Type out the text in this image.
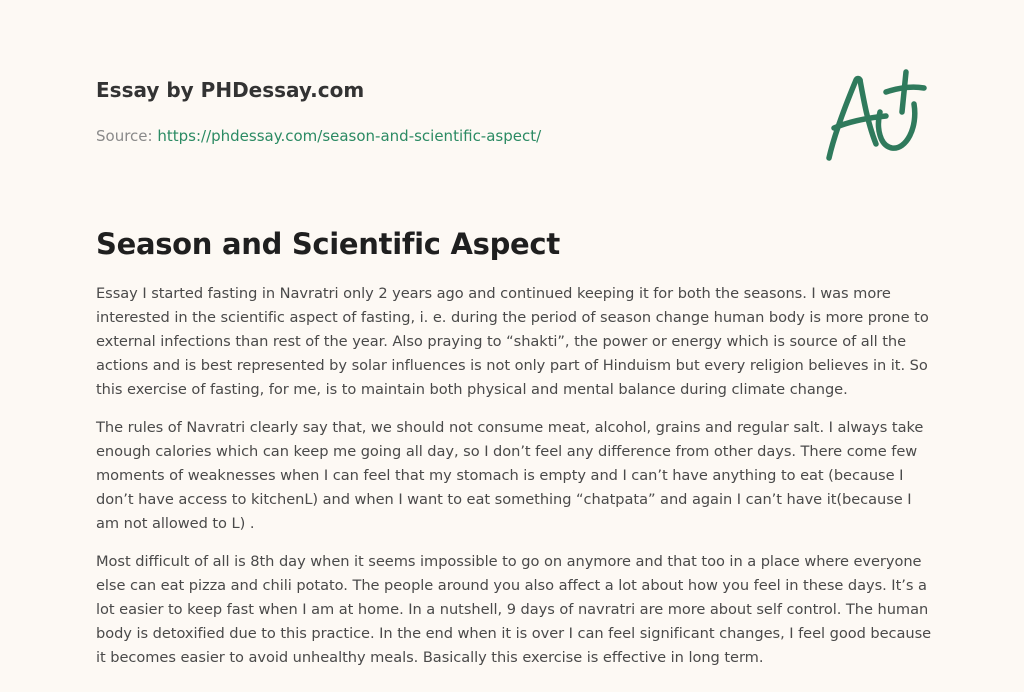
Essay by PHDessay.com
Source: https://phdessay.com/season-and-scientific-aspect/
Season and Scientific Aspect

Essay I started fasting in Navratri only 2 years ago and continued keeping it for both the seasons. I was more interested in the scientific aspect of fasting, i. e. during the period of season change human body is more prone to external infections than rest of the year. Also praying to “shakti”, the power or energy which is source of all the actions and is best represented by solar influences is not only part of Hinduism but every religion believes in it. So this exercise of fasting, for me, is to maintain both physical and mental balance during climate change.

The rules of Navratri clearly say that, we should not consume meat, alcohol, grains and regular salt. I always take enough calories which can keep me going all day, so I don’t feel any difference from other days. There come few moments of weaknesses when I can feel that my stomach is empty and I can’t have anything to eat (because I don’t have access to kitchenL) and when I want to eat something “chatpata” and again I can’t have it(because I am not allowed to L) .

Most difficult of all is 8th day when it seems impossible to go on anymore and that too in a place where everyone else can eat pizza and chili potato. The people around you also affect a lot about how you feel in these days. It’s a lot easier to keep fast when I am at home. In a nutshell, 9 days of navratri are more about self control. The human body is detoxified due to this practice. In the end when it is over I can feel significant changes, I feel good because it becomes easier to avoid unhealthy meals. Basically this exercise is effective in long term.
